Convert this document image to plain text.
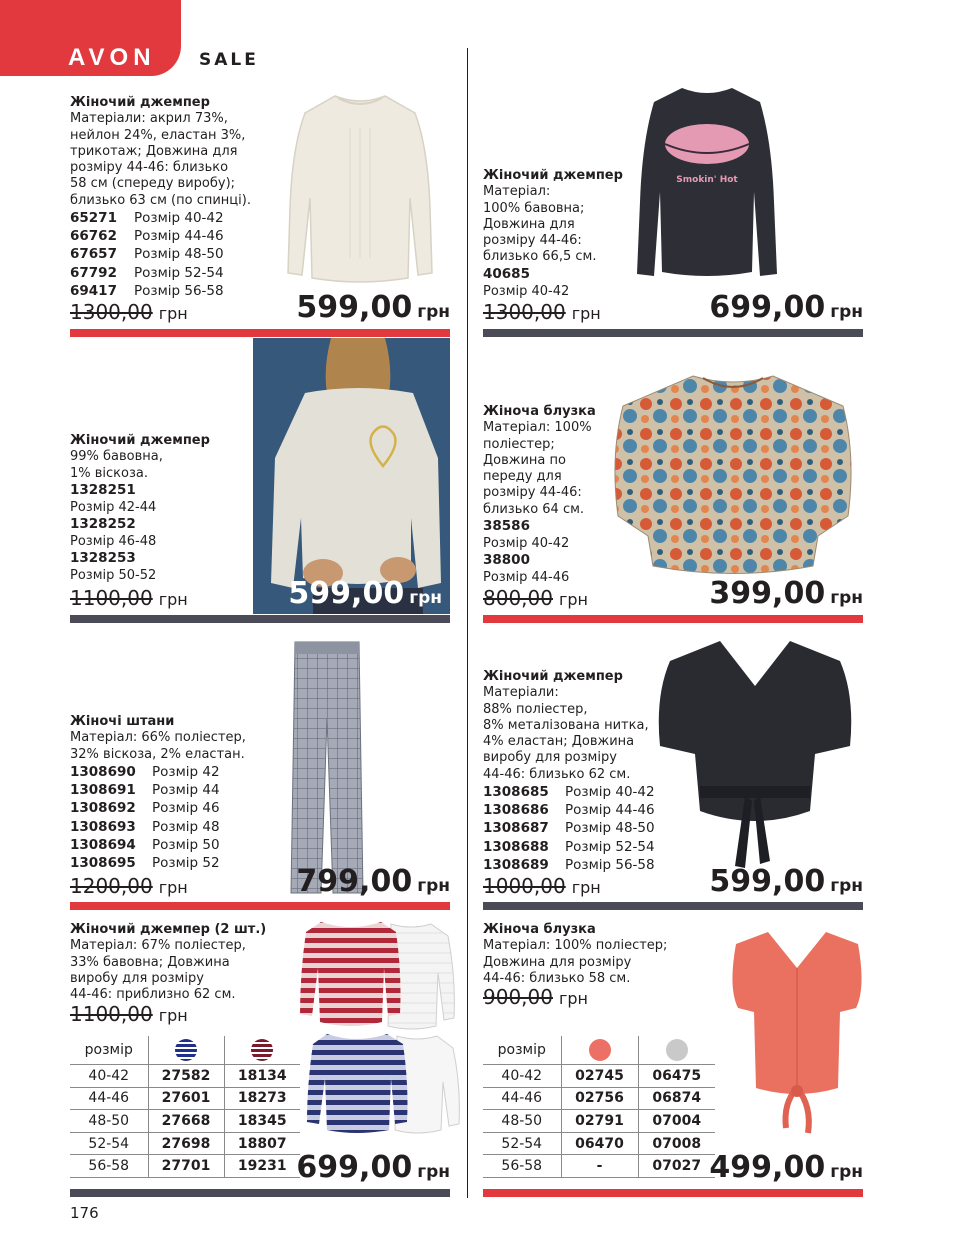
AVON	SALE
Жіночий джемпер
Матеріали: акрил 73%,
нейлон 24%, еластан 3%,
трикотаж; Довжина для
розміру 44-46: близько
58 см (спереду виробу);
близько 63 см (по спинці).
65271 Розмір 40-42
66762 Розмір 44-46
67657 Розмір 48-50
67792 Розмір 52-54
69417 Розмір 56-58
1300,00 грн	599,00 грн
Жіночий джемпер
Матеріал:
100% бавовна;
Довжина для
розміру 44-46:
близько 66,5 см.
40685
Розмір 40-42
Smokin' Hot
1300,00 грн	699,00 грн
Жіночий джемпер
99% бавовна,
1% віскоза.
1328251
Розмір 42-44
1328252
Розмір 46-48
1328253
Розмір 50-52
1100,00 грн	599,00 грн
Жіноча блузка
Матеріал: 100%
поліестер;
Довжина по
переду для
розміру 44-46:
близько 64 см.
38586
Розмір 40-42
38800
Розмір 44-46
800,00 грн	399,00 грн
Жіночі штани
Матеріал: 66% поліестер,
32% віскоза, 2% еластан.
1308690 Розмір 42
1308691 Розмір 44
1308692 Розмір 46
1308693 Розмір 48
1308694 Розмір 50
1308695 Розмір 52
1200,00 грн	799,00 грн
Жіночий джемпер
Матеріали:
88% поліестер,
8% металізована нитка,
4% еластан; Довжина
виробу для розміру
44-46: близько 62 см.
1308685 Розмір 40-42
1308686 Розмір 44-46
1308687 Розмір 48-50
1308688 Розмір 52-54
1308689 Розмір 56-58
1000,00 грн	599,00 грн
Жіночий джемпер (2 шт.)
Матеріал: 67% поліестер,
33% бавовна; Довжина
виробу для розміру
44-46: приблизно 62 см.
1100,00 грн
розмір		
40-42	27582	18134
44-46	27601	18273
48-50	27668	18345
52-54	27698	18807
56-58	27701	19231 699,00 грн
Жіноча блузка
Матеріал: 100% поліестер;
Довжина для розміру
44-46: близько 58 см.
900,00 грн
розмір		
40-42	02745	06475
44-46	02756	06874
48-50	02791	07004
52-54	06470	07008
56-58	-	07027 499,00 грн
176
